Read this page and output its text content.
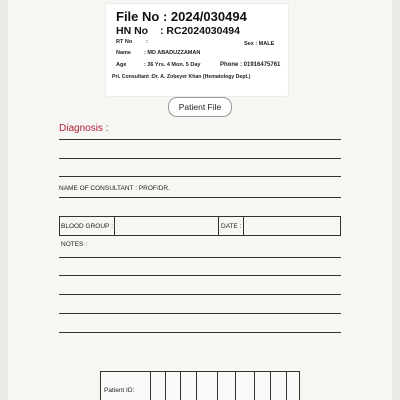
File No : 2024/030494
HN No : RC2024030494
RT No	:	Sex : MALE
Name : MD ABADUZZAMAN
Age	: 36 Yrs. 4 Mon. 5 Day	Phone : 01916475761
Pri. Consultant :Dr. A. Zobeyer Khan (Hematology Dept.)
Patient File
Diagnosis :
NAME OF CONSULTANT : PROF/DR.
BLOOD GROUP :	DATE :
NOTES :
Patient ID:
